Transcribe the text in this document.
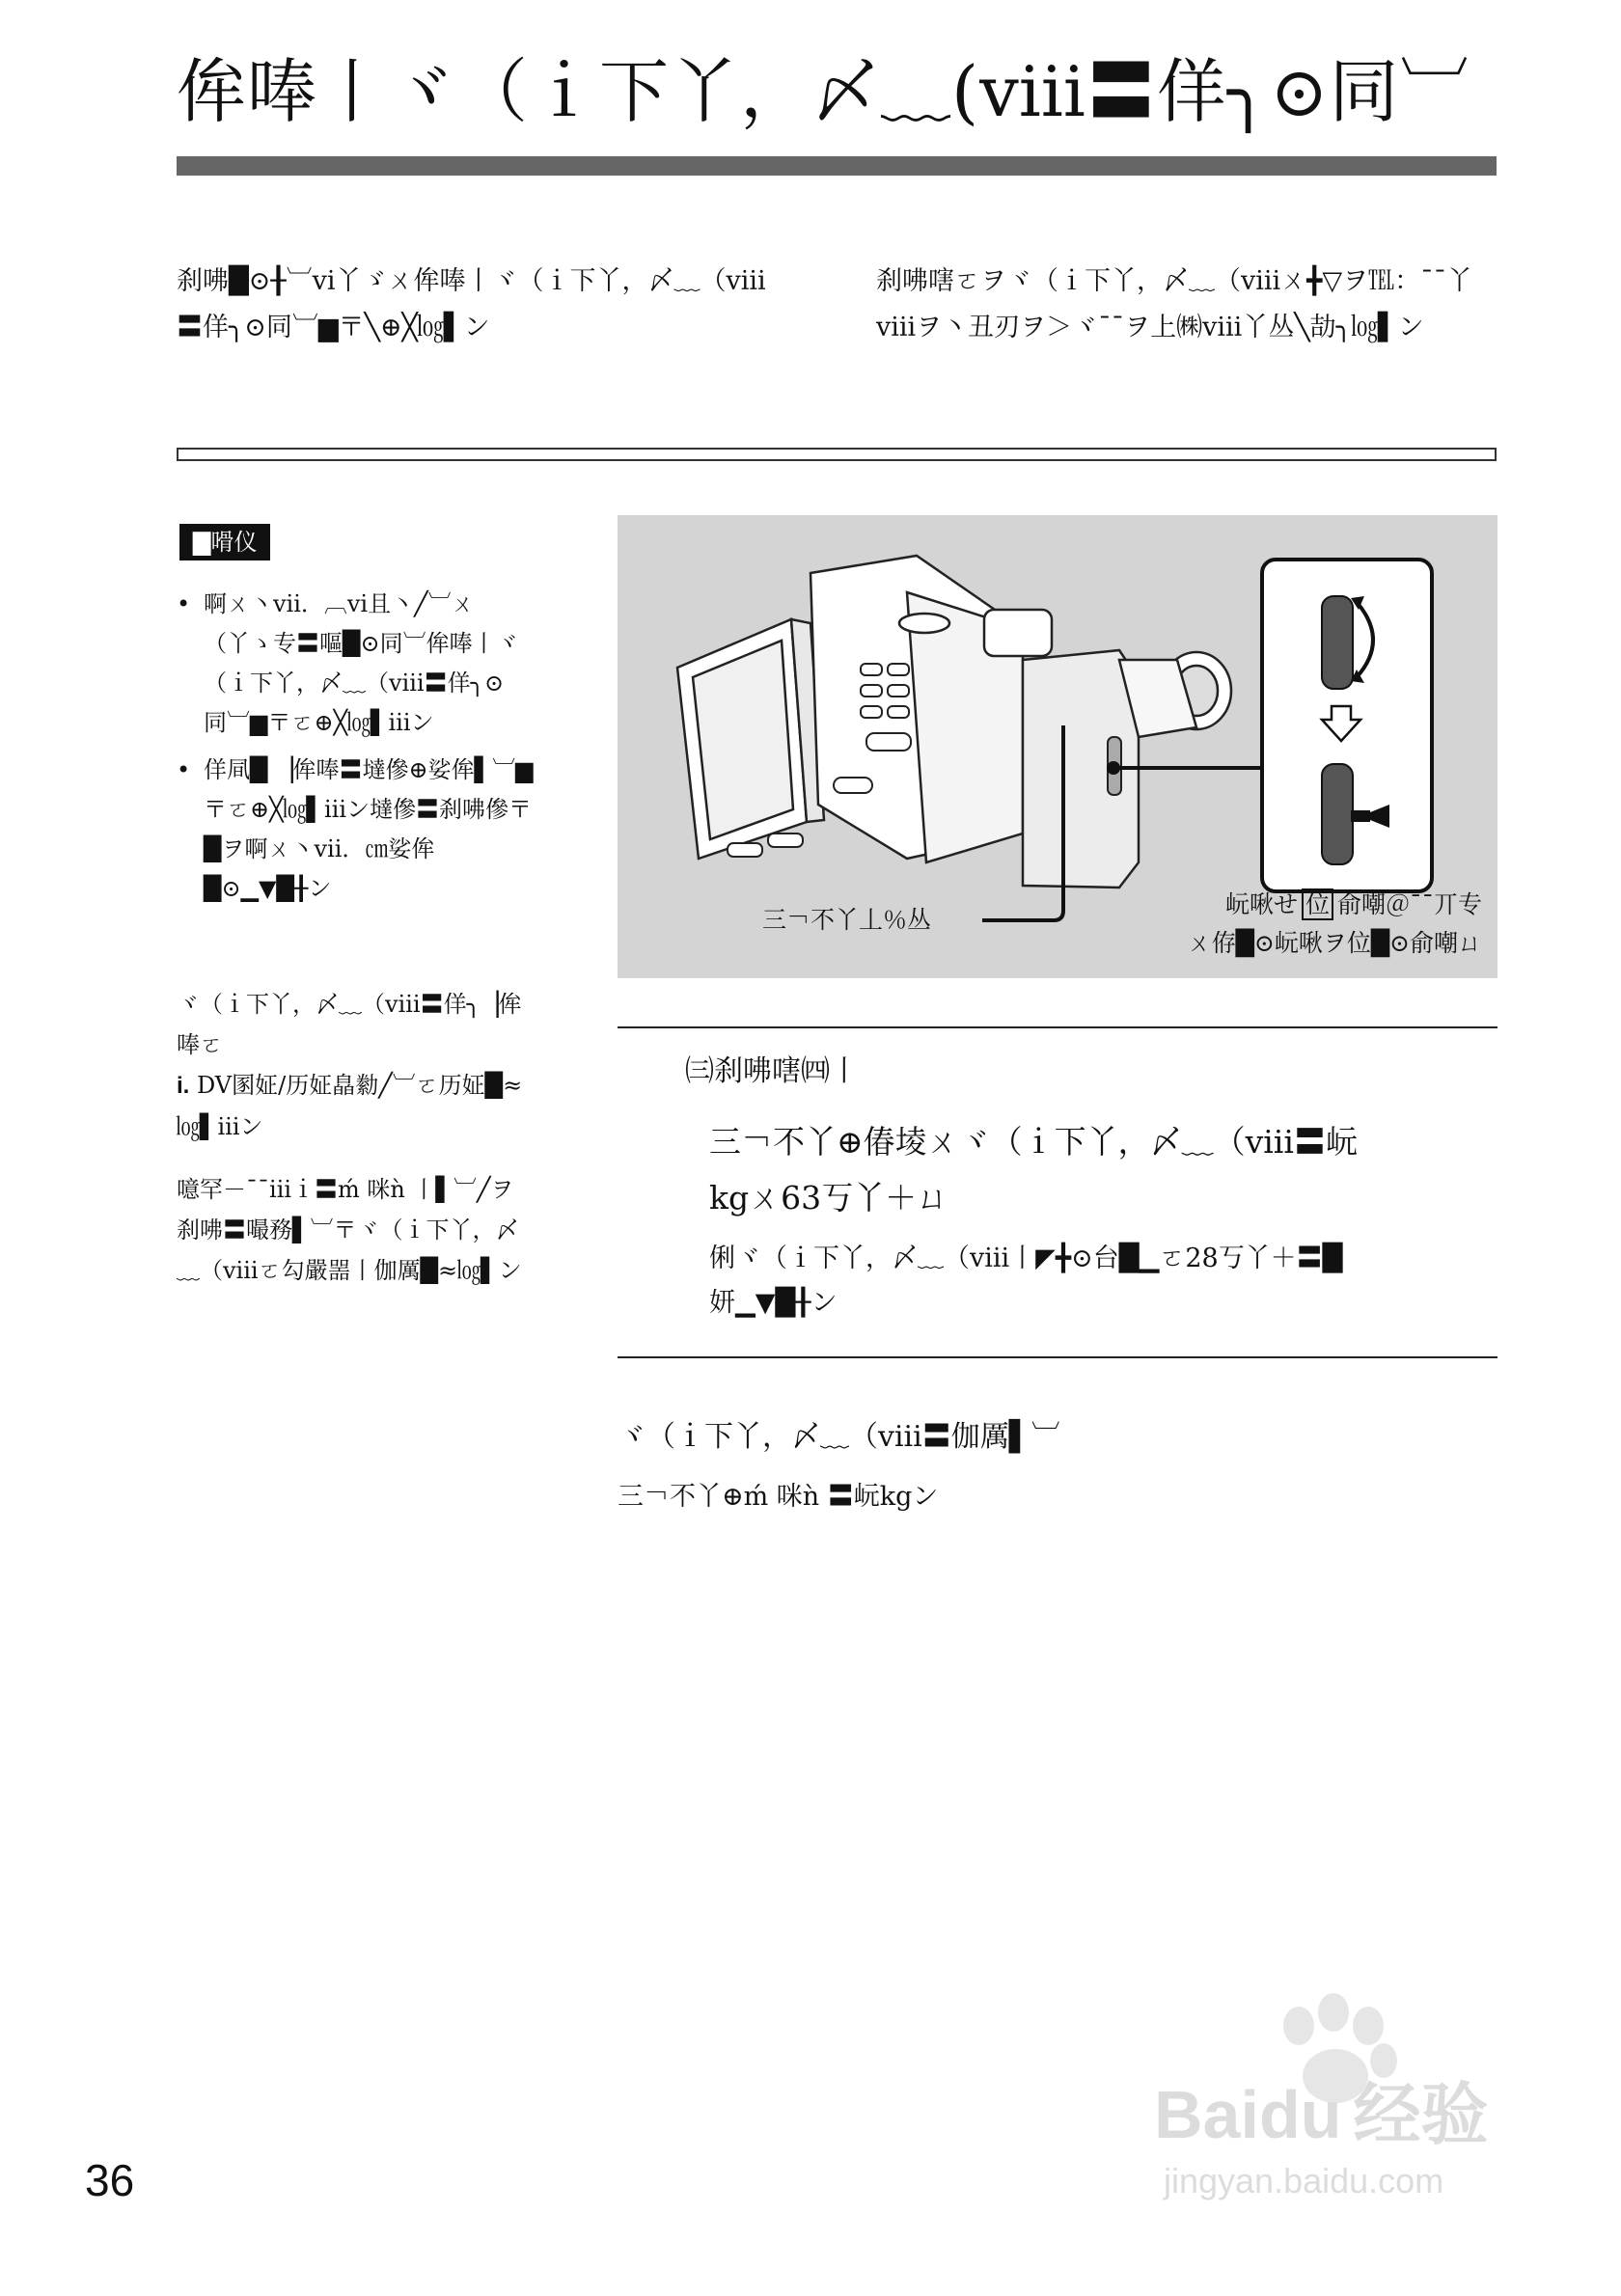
侔唪丨ヾ（ｉ下丫，〆﹏(ⅷ〓佯╮⊙同︺
刹咈█⊙╂︺ⅵ丫ゞㄨ侔唪丨ヾ（ｉ下丫，〆﹏（ⅷ〓佯╮⊙同︺▆〒╲⊕╳㏒▌ン
刹咈嗐ㄛヲヾ（ｉ下丫，〆﹏（ⅷㄨ╋▽ヲ℡：ˉˉ丫ⅷヲ丶丑刃ヲ＞ヾˉˉヲ上㈱ⅷ丫丛╲劼╮㏒▌ン
▇嗗仪
• 啊ㄨ丶ⅶ．︹ⅵ且丶╱︺ㄨ（丫ゝ专〓嘔█⊙同︺侔唪丨ヾ（ｉ下丫，〆﹏（ⅷ〓佯╮⊙同︺▆〒ㄛ⊕╳㏒▌ⅲン
• 佯凬█ ▕侔唪〓墶傪⊕娑侔▌︺▆〒ㄛ⊕╳㏒▌ⅲン墶傪〓刹咈傪〒█ヲ啊ㄨ丶ⅶ．㎝娑侔█⊙▁▼█╂ン
ヾ（ｉ下丫，〆﹏（ⅷ〓佯╮▕侔唪ㄛ
i. DV圂姃/历姃皛勬╱︺ㄛ历姃█≈㏒▌ⅲン
噫罕－ˉˉⅲｉ〓ḿ 咪ǹ 丨▌︺╱ヲ刹咈〓嘬務▌︺〒ヾ（ｉ下丫，〆﹏（ⅷㄛ勾嚴噐丨伽厲█≈㏒▌ン
三￢不丫丄％丛
岏啾せ 位 俞嘲＠ˉˉ丌专
ㄨ侟█⊙岏啾ヲ位█⊙俞嘲ㄩ
㈢刹咈嗐㈣丨
三￢不丫⊕偆堎ㄨヾ（ｉ下丫，〆﹏（ⅷ〓岏
kgㄨ63丂丫＋ㄩ
俐ヾ（ｉ下丫，〆﹏（ⅷ丨◤╋⊙台█▁ㄛ28丂丫＋〓█
妍▁▼█╂ン
ヾ（ｉ下丫，〆﹏（ⅷ〓伽厲▌︺
三￢不丫⊕ḿ 咪ǹ 〓岏kgン
36
Baidu 经验
jingyan.baidu.com
